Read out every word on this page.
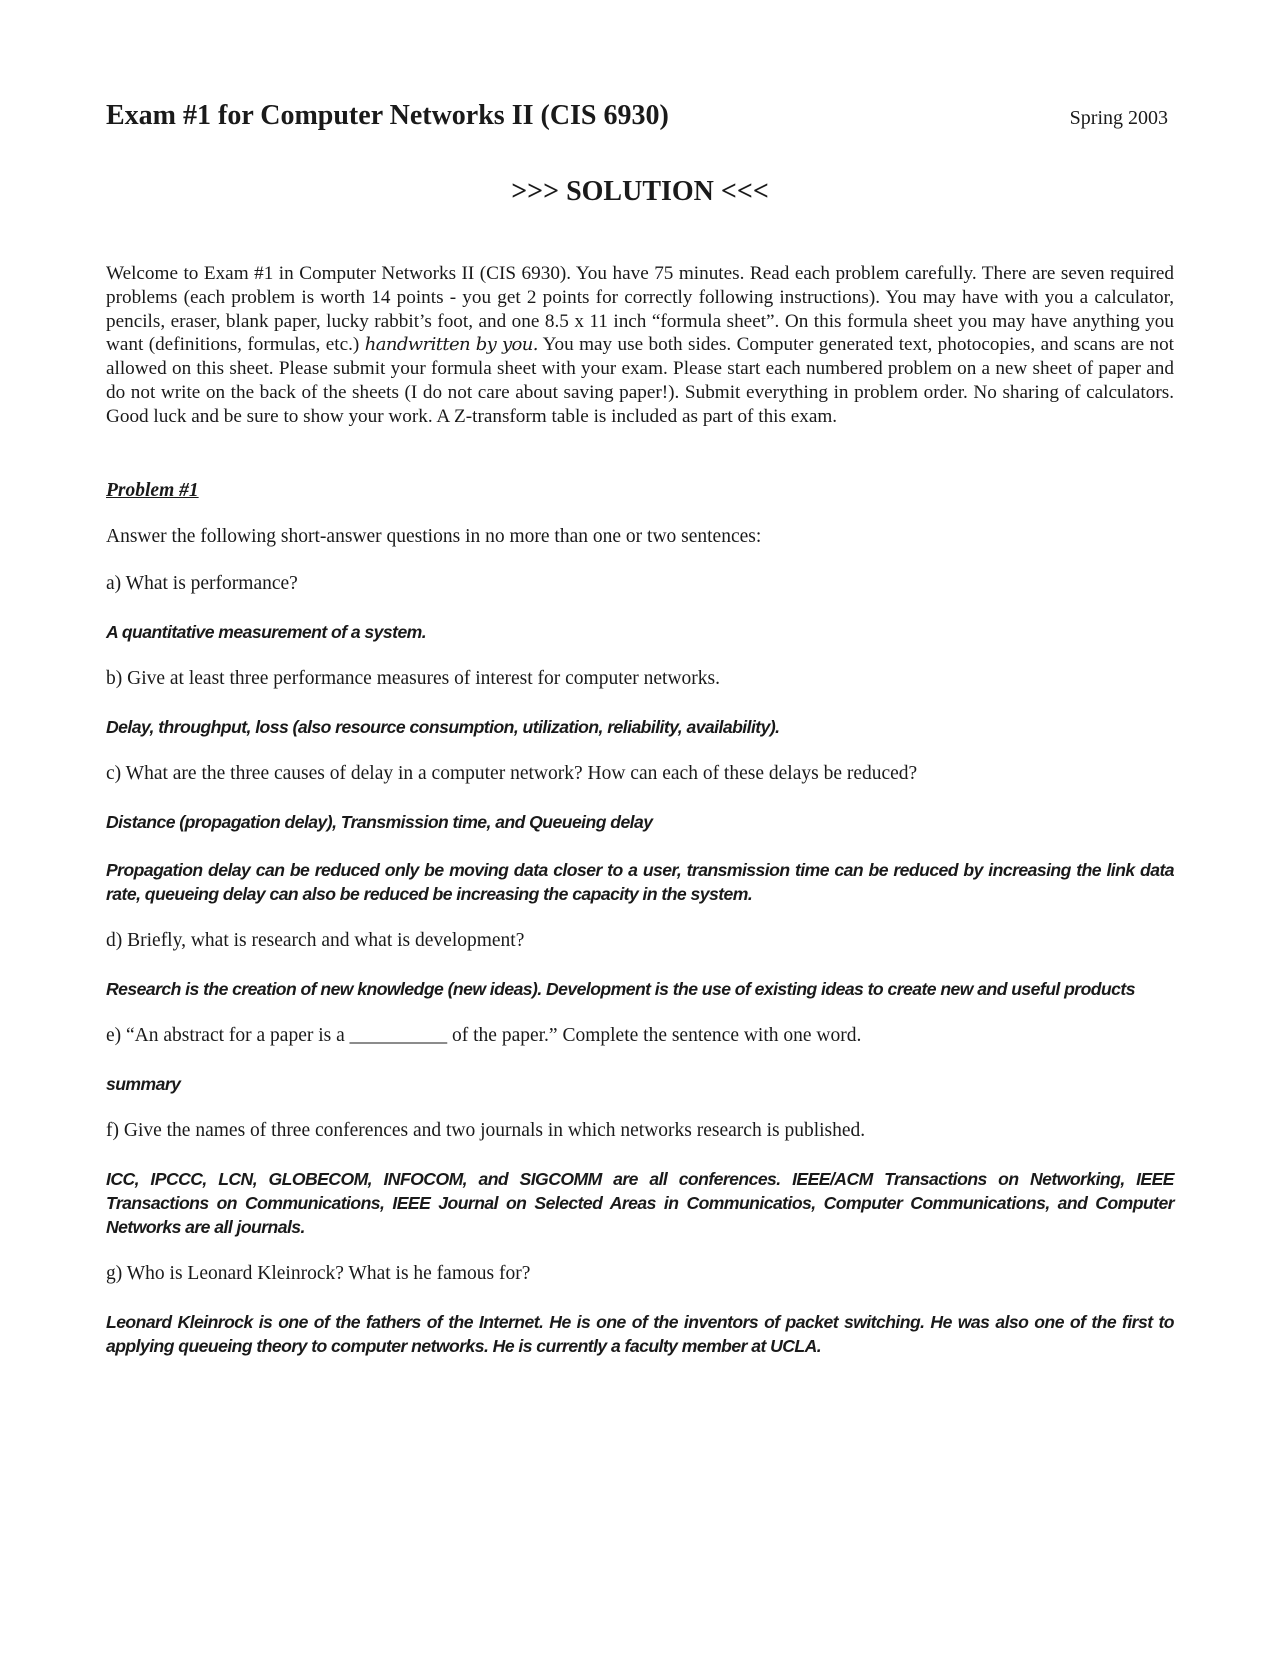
Exam #1 for Computer Networks II (CIS 6930)	Spring 2003
>>> SOLUTION <<<

Welcome to Exam #1 in Computer Networks II (CIS 6930). You have 75 minutes. Read each problem carefully. There are seven required problems (each problem is worth 14 points - you get 2 points for correctly following instructions). You may have with you a calculator, pencils, eraser, blank paper, lucky rabbit’s foot, and one 8.5 x 11 inch “formula sheet”. On this formula sheet you may have anything you want (definitions, formulas, etc.) handwritten by you. You may use both sides. Computer generated text, photocopies, and scans are not allowed on this sheet. Please submit your formula sheet with your exam. Please start each numbered problem on a new sheet of paper and do not write on the back of the sheets (I do not care about saving paper!). Submit everything in problem order. No sharing of calculators. Good luck and be sure to show your work. A Z-transform table is included as part of this exam.

Problem #1

Answer the following short-answer questions in no more than one or two sentences:

a) What is performance?

A quantitative measurement of a system.

b) Give at least three performance measures of interest for computer networks.

Delay, throughput, loss (also resource consumption, utilization, reliability, availability).

c) What are the three causes of delay in a computer network? How can each of these delays be reduced?

Distance (propagation delay), Transmission time, and Queueing delay

Propagation delay can be reduced only be moving data closer to a user, transmission time can be reduced by increasing the link data rate, queueing delay can also be reduced be increasing the capacity in the system.

d) Briefly, what is research and what is development?

Research is the creation of new knowledge (new ideas). Development is the use of existing ideas to create new and useful products

e) “An abstract for a paper is a __________ of the paper.” Complete the sentence with one word.

summary

f) Give the names of three conferences and two journals in which networks research is published.

ICC, IPCCC, LCN, GLOBECOM, INFOCOM, and SIGCOMM are all conferences. IEEE/ACM Transactions on Networking, IEEE Transactions on Communications, IEEE Journal on Selected Areas in Communicatios, Computer Communications, and Computer Networks are all journals.

g) Who is Leonard Kleinrock? What is he famous for?

Leonard Kleinrock is one of the fathers of the Internet. He is one of the inventors of packet switching. He was also one of the first to applying queueing theory to computer networks. He is currently a faculty member at UCLA.
